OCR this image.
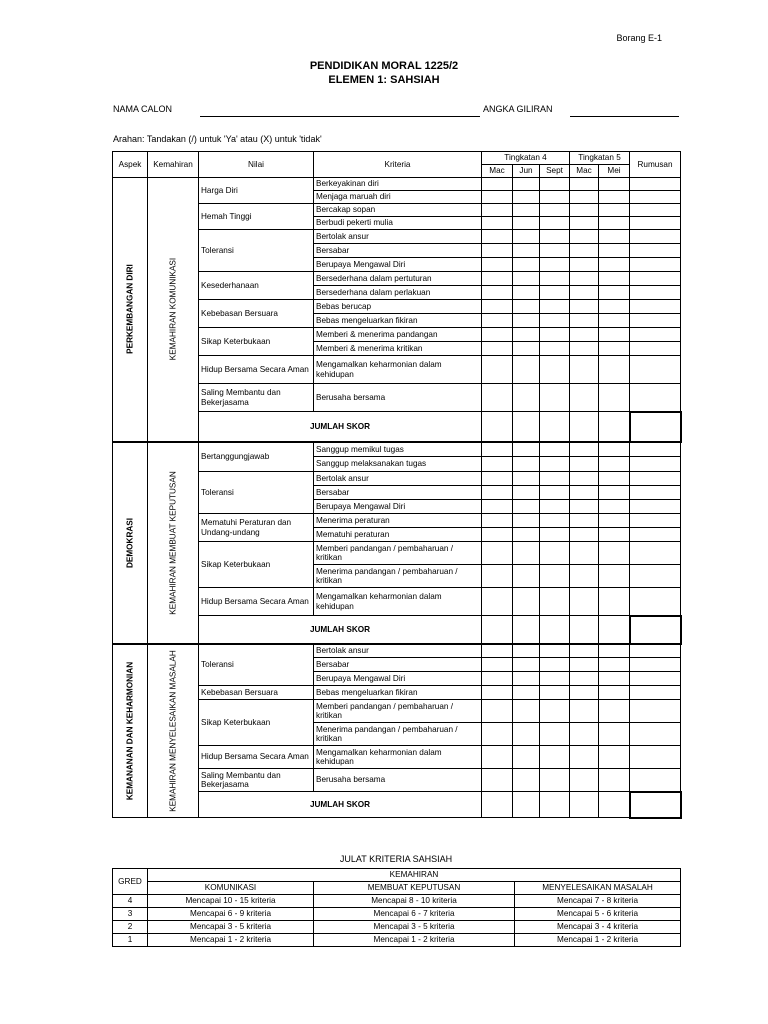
Borang E-1
PENDIDIKAN MORAL 1225/2
ELEMEN 1: SAHSIAH
NAMA CALON	ANGKA GILIRAN
Arahan: Tandakan (/) untuk 'Ya' atau (X) untuk 'tidak'
Aspek	Kemahiran	Nilai	Kriteria	Tingkatan 4			Tingkatan 5		Rumusan
				Mac	Jun	Sept	Mac	Mei	

PERKEMBANGAN DIRI	KEMAHIRAN KOMUNIKASI	Harga Diri	Berkeyakinan diri						
			Menjaga maruah diri						
		Hemah Tinggi	Bercakap sopan						
			Berbudi pekerti mulia						
		Toleransi	Bertolak ansur						
			Bersabar						
			Berupaya Mengawal Diri						
		Kesederhanaan	Bersederhana dalam pertuturan						
			Bersederhana dalam perlakuan						
		Kebebasan Bersuara	Bebas berucap						
			Bebas mengeluarkan fikiran						
		Sikap Keterbukaan	Memberi & menerima pandangan						
			Memberi & menerima kritikan						
		Hidup Bersama Secara Aman	Mengamalkan keharmonian dalam kehidupan						
		Saling Membantu dan Bekerjasama	Berusaha bersama						
		JUMLAH SKOR							

DEMOKRASI	KEMAHIRAN MEMBUAT KEPUTUSAN	Bertanggungjawab	Sanggup memikul tugas						
			Sanggup melaksanakan tugas						
		Toleransi	Bertolak ansur						
			Bersabar						
			Berupaya Mengawal Diri						
		Mematuhi Peraturan dan Undang-undang	Menerima peraturan						
			Mematuhi peraturan						
		Sikap Keterbukaan	Memberi pandangan / pembaharuan / kritikan						
			Menerima pandangan / pembaharuan / kritikan						
		Hidup Bersama Secara Aman	Mengamalkan keharmonian dalam kehidupan						
		JUMLAH SKOR							

KEMANANAN DAN KEHARMONIAN	KEMAHIRAN MENYELESAIKAN MASALAH	Toleransi	Bertolak ansur						
			Bersabar						
			Berupaya Mengawal Diri						
		Kebebasan Bersuara	Bebas mengeluarkan fikiran						
		Sikap Keterbukaan	Memberi pandangan / pembaharuan / kritikan						
			Menerima pandangan / pembaharuan / kritikan						
		Hidup Bersama Secara Aman	Mengamalkan keharmonian dalam kehidupan						
		Saling Membantu dan Bekerjasama	Berusaha bersama						
		JUMLAH SKOR							
JULAT KRITERIA SAHSIAH
GRED	KEMAHIRAN		
	KOMUNIKASI	MEMBUAT KEPUTUSAN	MENYELESAIKAN MASALAH
4	Mencapai 10 - 15 kriteria	Mencapai 8 - 10 kriteria	Mencapai 7 - 8 kriteria
3	Mencapai 6 - 9 kriteria	Mencapai 6 - 7 kriteria	Mencapai 5 - 6 kriteria
2	Mencapai 3 - 5 kriteria	Mencapai 3 - 5 kriteria	Mencapai 3 - 4 kriteria
1	Mencapai 1 - 2 kriteria	Mencapai 1 - 2 kriteria	Mencapai 1 - 2 kriteria
